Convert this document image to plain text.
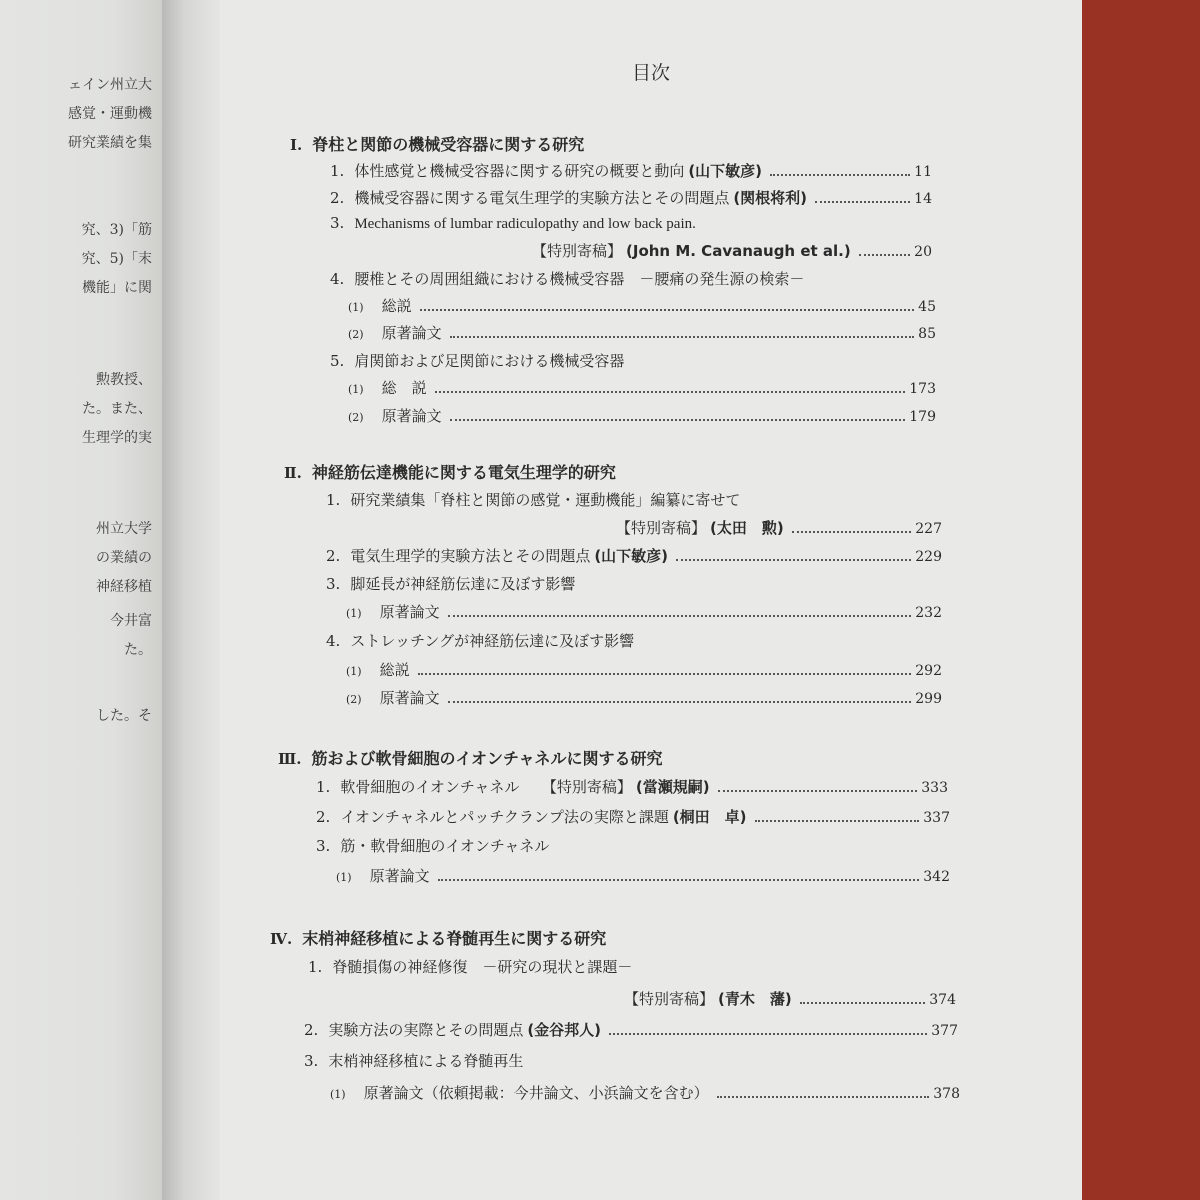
ェイン州立大
感覚・運動機
研究業績を集
究、3)「筋
究、5)「末
機能」に関
勲教授、
た。また、
生理学的実
州立大学
の業績の
神経移植
今井富
た。
した。そ
目次
Ⅰ. 脊柱と関節の機械受容器に関する研究
1. 体性感覚と機械受容器に関する研究の概要と動向 (山下敏彦)	11
2. 機械受容器に関する電気生理学的実験方法とその問題点 (関根将利)	14
3. Mechanisms of lumbar radiculopathy and low back pain.
【特別寄稿】 (John M. Cavanaugh et al.)	20
4. 腰椎とその周囲組織における機械受容器　－腰痛の発生源の検索－
(1) 総説	45
(2) 原著論文	85
5. 肩関節および足関節における機械受容器
(1) 総　説	173
(2) 原著論文	179
Ⅱ. 神経筋伝達機能に関する電気生理学的研究
1. 研究業績集「脊柱と関節の感覚・運動機能」編纂に寄せて
【特別寄稿】 (太田　勲)	227
2. 電気生理学的実験方法とその問題点 (山下敏彦)	229
3. 脚延長が神経筋伝達に及ぼす影響
(1) 原著論文	232
4. ストレッチングが神経筋伝達に及ぼす影響
(1) 総説	292
(2) 原著論文	299
Ⅲ. 筋および軟骨細胞のイオンチャネルに関する研究
1. 軟骨細胞のイオンチャネル　　【特別寄稿】 (當瀬規嗣)	333
2. イオンチャネルとパッチクランプ法の実際と課題 (桐田　卓)	337
3. 筋・軟骨細胞のイオンチャネル
(1) 原著論文	342
Ⅳ. 末梢神経移植による脊髄再生に関する研究
1. 脊髄損傷の神経修復　－研究の現状と課題－
【特別寄稿】 (青木　藩)	374
2. 実験方法の実際とその問題点 (金谷邦人)	377
3. 末梢神経移植による脊髄再生
(1) 原著論文（依頼掲載：今井論文、小浜論文を含む）	378
